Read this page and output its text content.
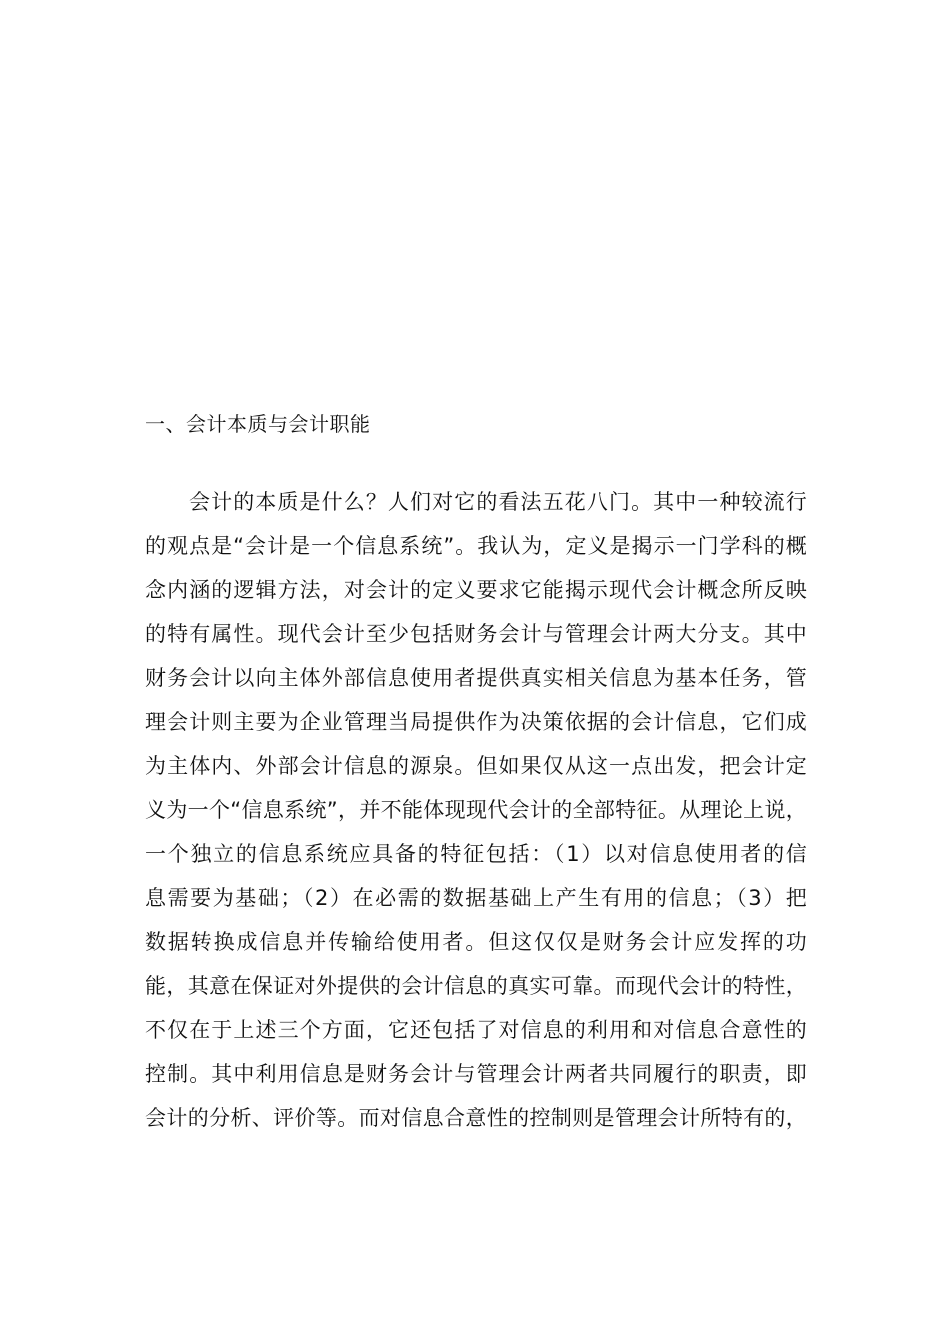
一、会计本质与会计职能
会计的本质是什么？人们对它的看法五花八门。其中一种较流行
的观点是“会计是一个信息系统”。我认为，定义是揭示一门学科的概
念内涵的逻辑方法，对会计的定义要求它能揭示现代会计概念所反映
的特有属性。现代会计至少包括财务会计与管理会计两大分支。其中
财务会计以向主体外部信息使用者提供真实相关信息为基本任务，管
理会计则主要为企业管理当局提供作为决策依据的会计信息，它们成
为主体内、外部会计信息的源泉。但如果仅从这一点出发，把会计定
义为一个“信息系统”，并不能体现现代会计的全部特征。从理论上说，
一个独立的信息系统应具备的特征包括：（1）以对信息使用者的信
息需要为基础；（2）在必需的数据基础上产生有用的信息；（3）把
数据转换成信息并传输给使用者。但这仅仅是财务会计应发挥的功
能，其意在保证对外提供的会计信息的真实可靠。而现代会计的特性，
不仅在于上述三个方面，它还包括了对信息的利用和对信息合意性的
控制。其中利用信息是财务会计与管理会计两者共同履行的职责，即
会计的分析、评价等。而对信息合意性的控制则是管理会计所特有的，
